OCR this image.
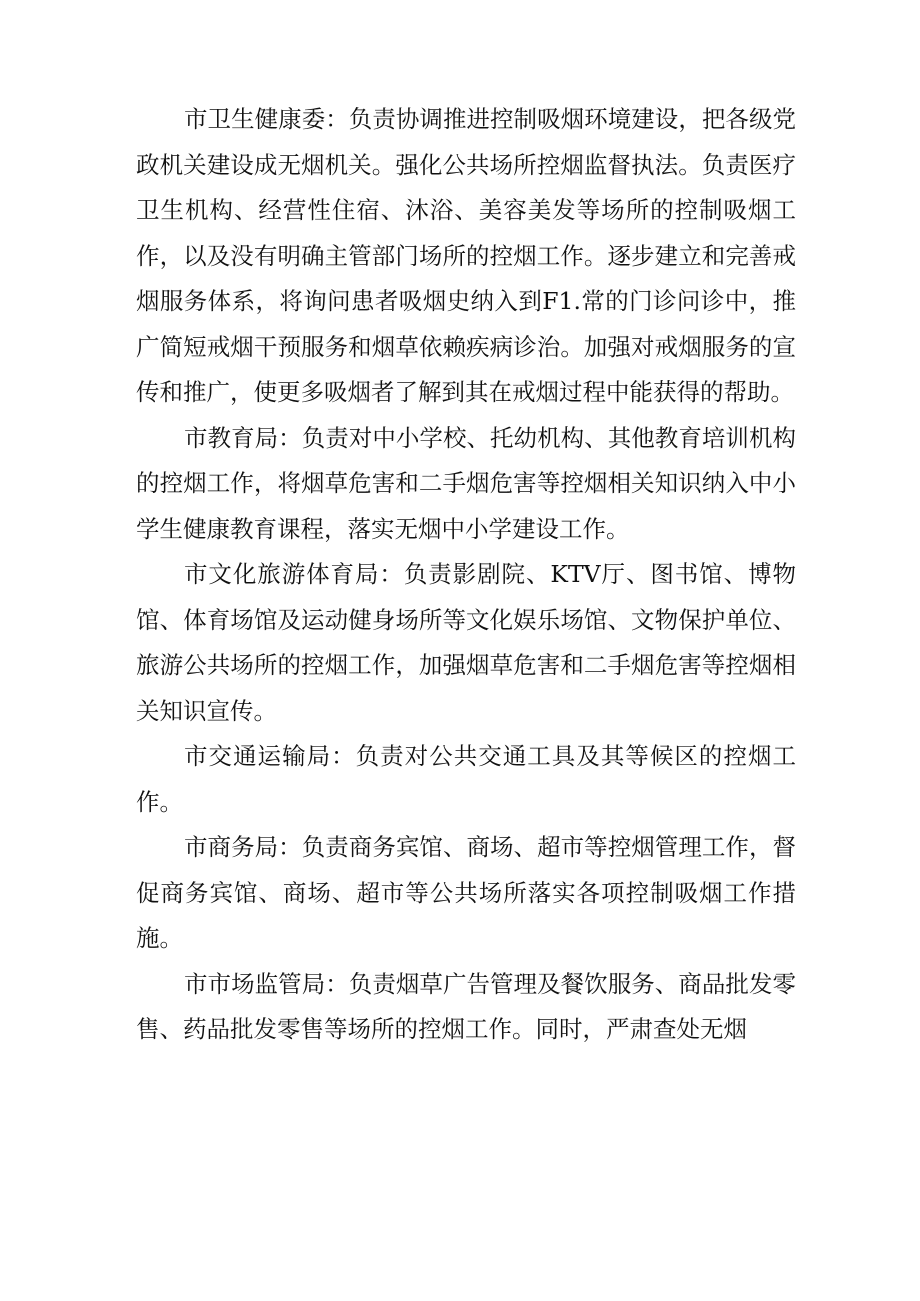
市卫生健康委：负责协调推进控制吸烟环境建设，把各级党政机关建设成无烟机关。强化公共场所控烟监督执法。负责医疗卫生机构、经营性住宿、沐浴、美容美发等场所的控制吸烟工作，以及没有明确主管部门场所的控烟工作。逐步建立和完善戒烟服务体系，将询问患者吸烟史纳入到F1.常的门诊问诊中，推广简短戒烟干预服务和烟草依赖疾病诊治。加强对戒烟服务的宣传和推广，使更多吸烟者了解到其在戒烟过程中能获得的帮助。

市教育局：负责对中小学校、托幼机构、其他教育培训机构的控烟工作，将烟草危害和二手烟危害等控烟相关知识纳入中小学生健康教育课程，落实无烟中小学建设工作。

市文化旅游体育局：负责影剧院、KTV厅、图书馆、博物馆、体育场馆及运动健身场所等文化娱乐场馆、文物保护单位、旅游公共场所的控烟工作，加强烟草危害和二手烟危害等控烟相关知识宣传。

市交通运输局：负责对公共交通工具及其等候区的控烟工作。

市商务局：负责商务宾馆、商场、超市等控烟管理工作，督促商务宾馆、商场、超市等公共场所落实各项控制吸烟工作措施。

市市场监管局：负责烟草广告管理及餐饮服务、商品批发零售、药品批发零售等场所的控烟工作。同时，严肃查处无烟
